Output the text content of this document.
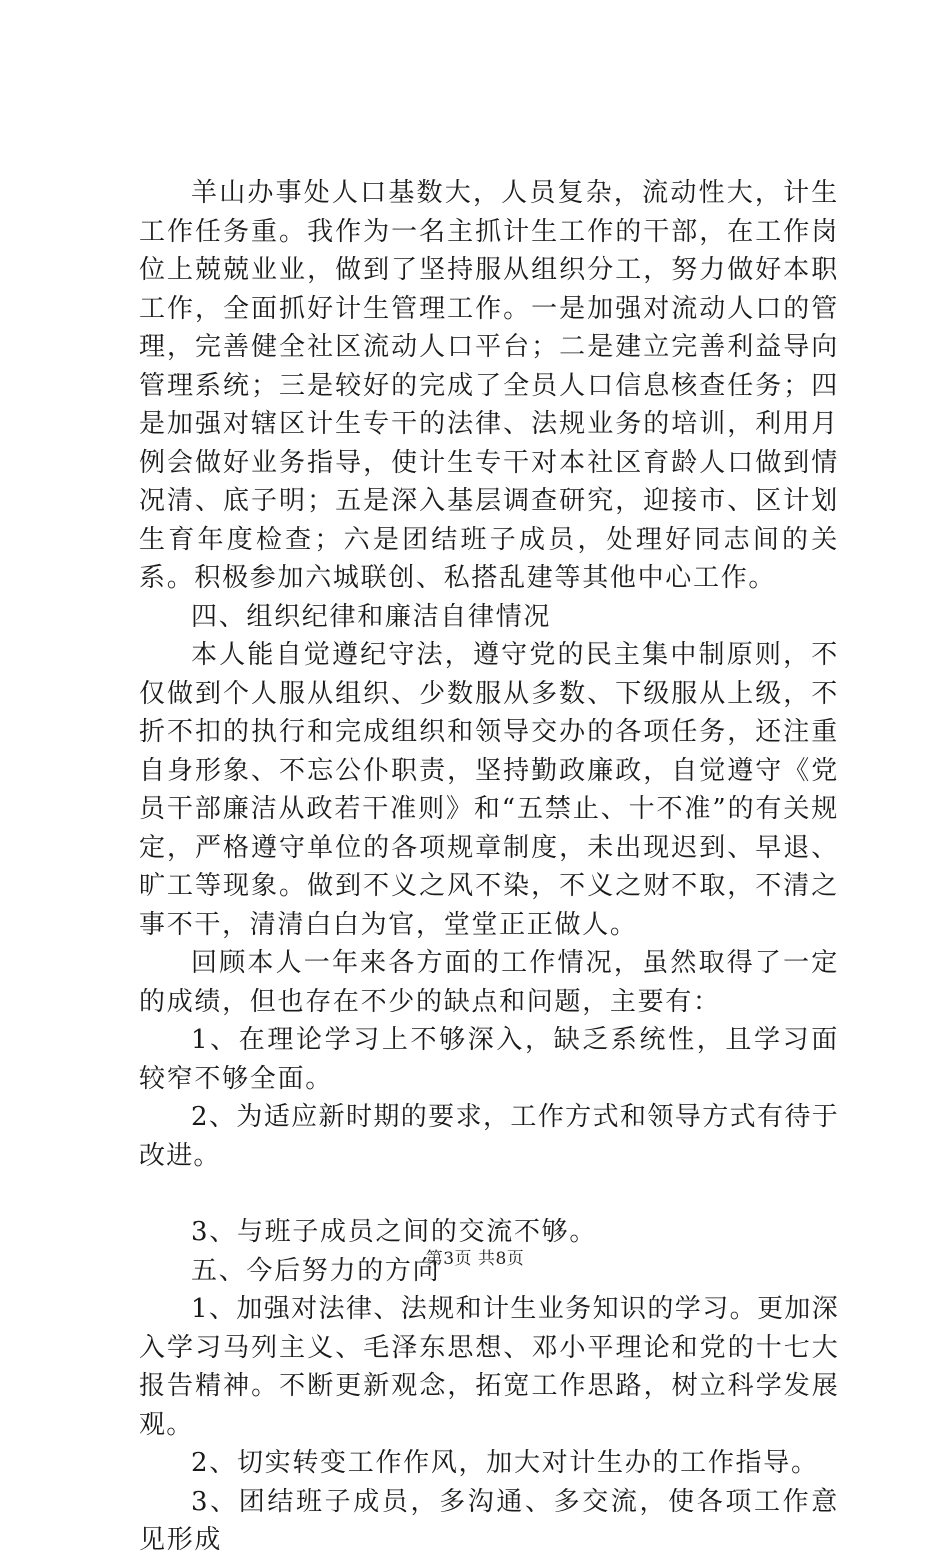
羊山办事处人口基数大，人员复杂，流动性大，计生工作任务重。我作为一名主抓计生工作的干部，在工作岗位上兢兢业业，做到了坚持服从组织分工，努力做好本职工作，全面抓好计生管理工作。一是加强对流动人口的管理，完善健全社区流动人口平台；二是建立完善利益导向管理系统；三是较好的完成了全员人口信息核查任务；四是加强对辖区计生专干的法律、法规业务的培训，利用月例会做好业务指导，使计生专干对本社区育龄人口做到情况清、底子明；五是深入基层调查研究，迎接市、区计划生育年度检查；六是团结班子成员，处理好同志间的关系。积极参加六城联创、私搭乱建等其他中心工作。

四、组织纪律和廉洁自律情况

本人能自觉遵纪守法，遵守党的民主集中制原则，不仅做到个人服从组织、少数服从多数、下级服从上级，不折不扣的执行和完成组织和领导交办的各项任务，还注重自身形象、不忘公仆职责，坚持勤政廉政，自觉遵守《党员干部廉洁从政若干准则》和“五禁止、十不准”的有关规定，严格遵守单位的各项规章制度，未出现迟到、早退、旷工等现象。做到不义之风不染，不义之财不取，不清之事不干，清清白白为官，堂堂正正做人。

回顾本人一年来各方面的工作情况，虽然取得了一定的成绩，但也存在不少的缺点和问题，主要有：

1、在理论学习上不够深入，缺乏系统性，且学习面较窄不够全面。

2、为适应新时期的要求，工作方式和领导方式有待于改进。

3、与班子成员之间的交流不够。

五、今后努力的方向

1、加强对法律、法规和计生业务知识的学习。更加深入学习马列主义、毛泽东思想、邓小平理论和党的十七大报告精神。不断更新观念，拓宽工作思路，树立科学发展观。

2、切实转变工作作风，加大对计生办的工作指导。

3、团结班子成员，多沟通、多交流，使各项工作意见形成

第3页 共8页
